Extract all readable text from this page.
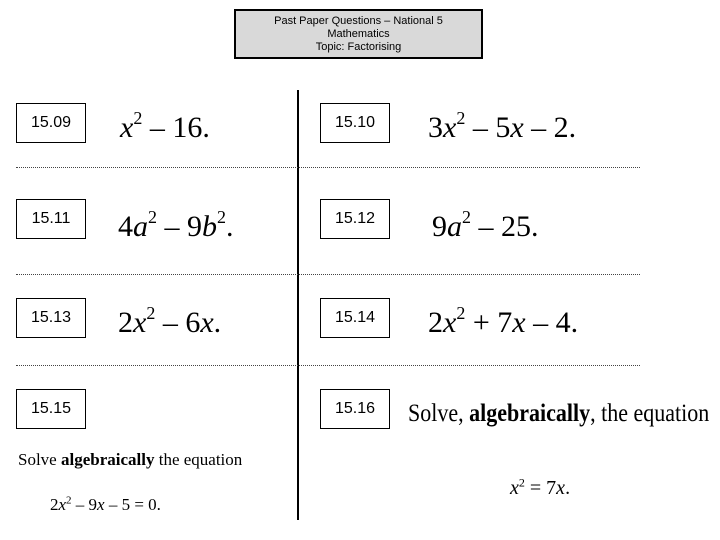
Past Paper Questions – National 5
Mathematics
Topic: Factorising
15.09	$x^2 - 16$.	15.10	$3x^2 - 5x - 2$.
15.11	$4a^2 - 9b^2$.	15.12	$9a^2 - 25$.
15.13	$2x^2 - 6x$.	15.14	$2x^2 + 7x - 4$.
15.15
Solve algebraically the equation
$2x^2 - 9x - 5 = 0$.
15.16	Solve, algebraically, the equation
$x^2 = 7x$.
